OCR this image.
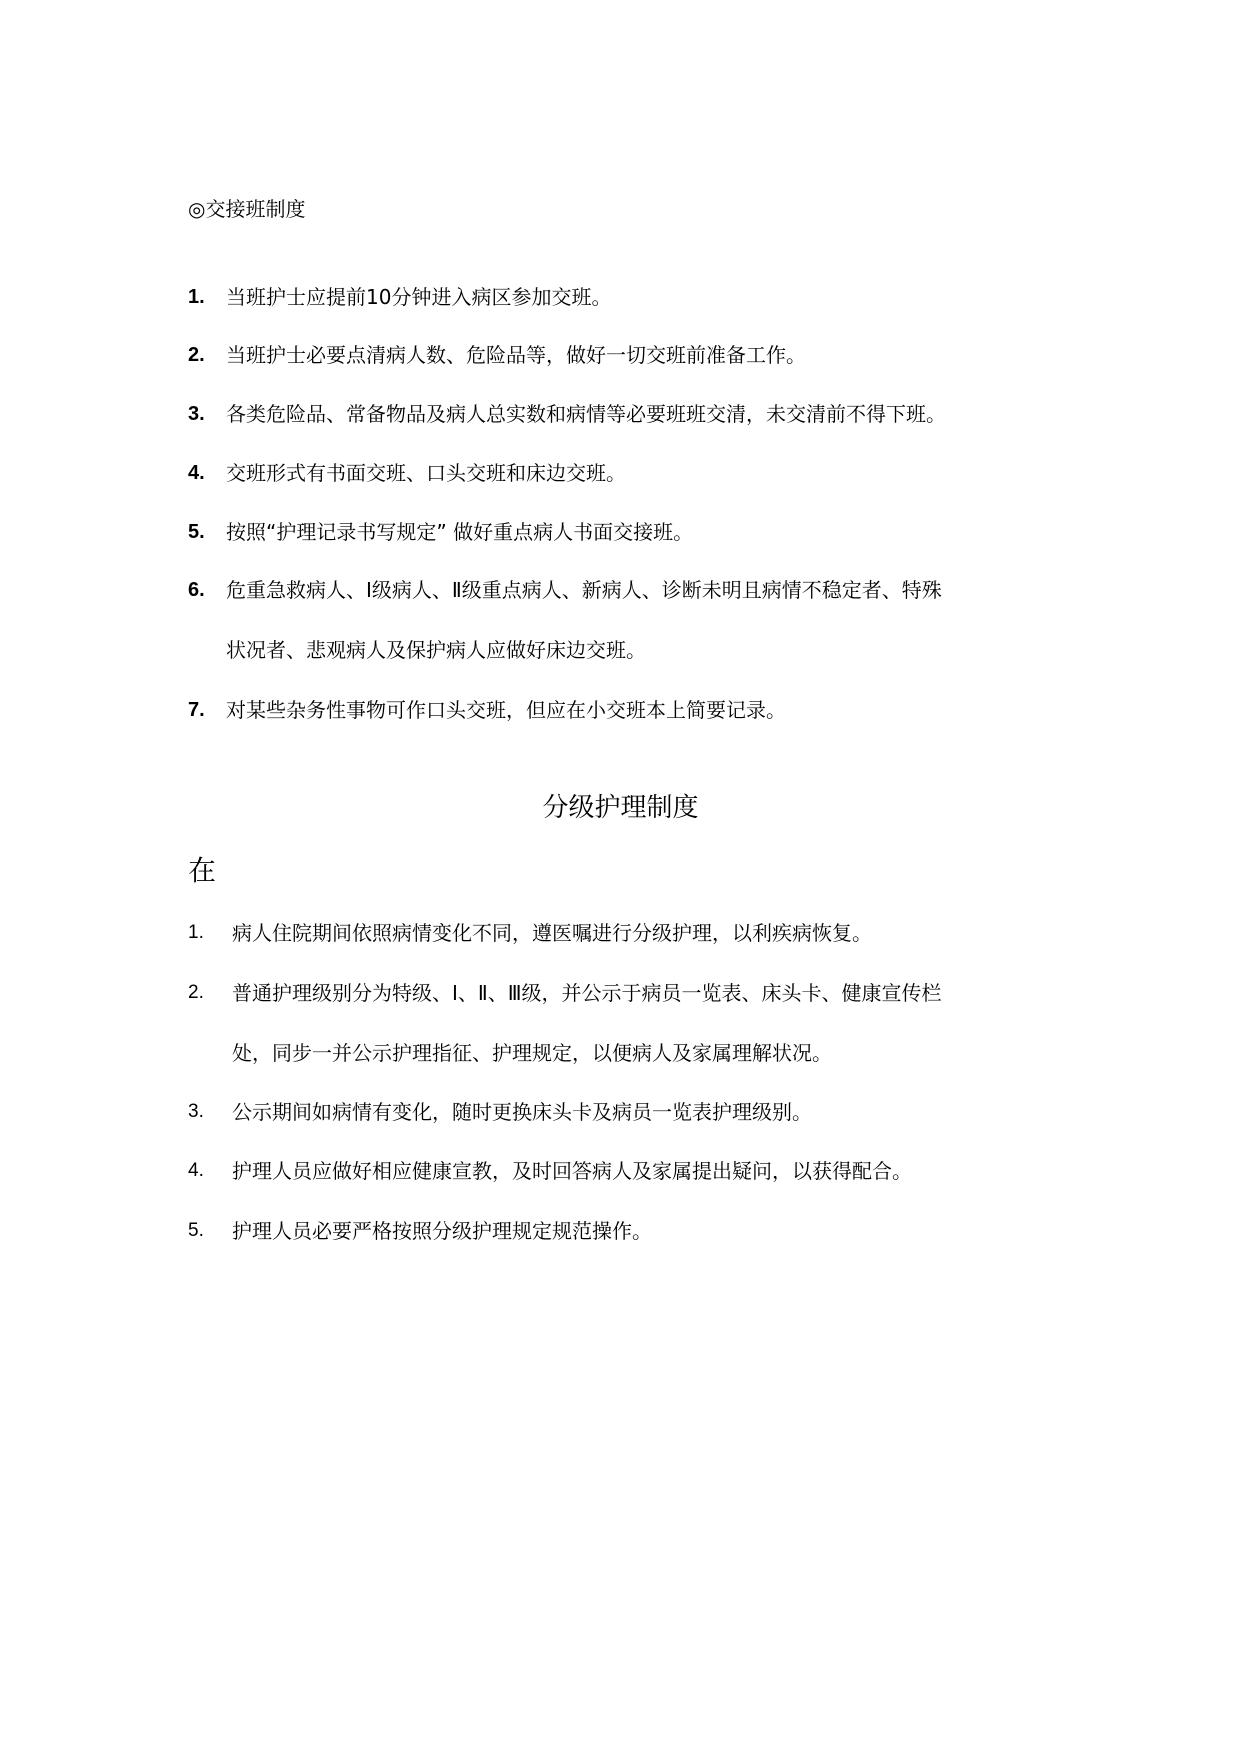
◎交接班制度
1. 当班护士应提前10分钟进入病区参加交班。
2. 当班护士必要点清病人数、危险品等，做好一切交班前准备工作。
3. 各类危险品、常备物品及病人总实数和病情等必要班班交清，未交清前不得下班。
4. 交班形式有书面交班、口头交班和床边交班。
5. 按照“护理记录书写规定” 做好重点病人书面交接班。
6. 危重急救病人、Ⅰ级病人、Ⅱ级重点病人、新病人、诊断未明且病情不稳定者、特殊
状况者、悲观病人及保护病人应做好床边交班。
7. 对某些杂务性事物可作口头交班，但应在小交班本上简要记录。
分级护理制度
在
1. 病人住院期间依照病情变化不同，遵医嘱进行分级护理，以利疾病恢复。
2. 普通护理级别分为特级、Ⅰ、Ⅱ、Ⅲ级，并公示于病员一览表、床头卡、健康宣传栏
处，同步一并公示护理指征、护理规定，以便病人及家属理解状况。
3. 公示期间如病情有变化，随时更换床头卡及病员一览表护理级别。
4. 护理人员应做好相应健康宣教，及时回答病人及家属提出疑问，以获得配合。
5. 护理人员必要严格按照分级护理规定规范操作。
